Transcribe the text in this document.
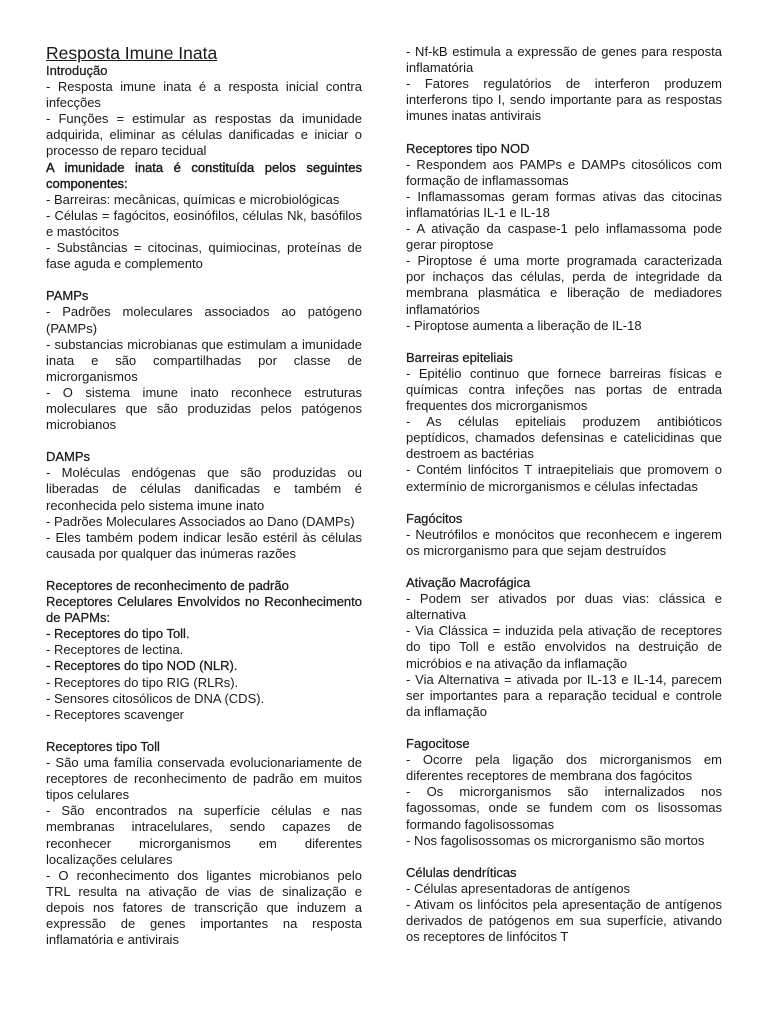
Resposta Imune Inata
Introdução

- Resposta imune inata é a resposta inicial contra infecções

- Funções = estimular as respostas da imunidade adquirida, eliminar as células danificadas e iniciar o processo de reparo tecidual

A imunidade inata é constituída pelos seguintes componentes:

- Barreiras: mecânicas, químicas e microbiológicas

- Células = fagócitos, eosinófilos, células Nk, basófilos e mastócitos

- Substâncias = citocinas, quimiocinas, proteínas de fase aguda e complemento

PAMPs

- Padrões moleculares associados ao patógeno (PAMPs)

- substancias microbianas que estimulam a imunidade inata e são compartilhadas por classe de microrganismos

- O sistema imune inato reconhece estruturas moleculares que são produzidas pelos patógenos microbianos

DAMPs

- Moléculas endógenas que são produzidas ou liberadas de células danificadas e também é reconhecida pelo sistema imune inato

- Padrões Moleculares Associados ao Dano (DAMPs)

- Eles também podem indicar lesão estéril às células causada por qualquer das inúmeras razões

Receptores de reconhecimento de padrão
Receptores Celulares Envolvidos no Reconhecimento de PAPMs:

- Receptores do tipo Toll.

- Receptores de lectina.

- Receptores do tipo NOD (NLR).

- Receptores do tipo RIG (RLRs).

- Sensores citosólicos de DNA (CDS).

- Receptores scavenger

Receptores tipo Toll

- São uma família conservada evolucionariamente de receptores de reconhecimento de padrão em muitos tipos celulares

- São encontrados na superfície células e nas membranas intracelulares, sendo capazes de reconhecer microrganismos em diferentes localizações celulares

- O reconhecimento dos ligantes microbianos pelo TRL resulta na ativação de vias de sinalização e depois nos fatores de transcrição que induzem a expressão de genes importantes na resposta inflamatória e antivirais

- Nf-kB estimula a expressão de genes para resposta inflamatória

- Fatores regulatórios de interferon produzem interferons tipo I, sendo importante para as respostas imunes inatas antivirais

Receptores tipo NOD

- Respondem aos PAMPs e DAMPs citosólicos com formação de inflamassomas

- Inflamassomas geram formas ativas das citocinas inflamatórias IL-1 e IL-18

- A ativação da caspase-1 pelo inflamassoma pode gerar piroptose

- Piroptose é uma morte programada caracterizada por inchaços das células, perda de integridade da membrana plasmática e liberação de mediadores inflamatórios

- Piroptose aumenta a liberação de IL-18

Barreiras epiteliais

- Epitélio continuo que fornece barreiras físicas e químicas contra infeções nas portas de entrada frequentes dos microrganismos

- As células epiteliais produzem antibióticos peptídicos, chamados defensinas e catelicidinas que destroem as bactérias

- Contém linfócitos T intraepiteliais que promovem o extermínio de microrganismos e células infectadas

Fagócitos

- Neutrófilos e monócitos que reconhecem e ingerem os microrganismo para que sejam destruídos

Ativação Macrofágica

- Podem ser ativados por duas vias: clássica e alternativa

- Via Clássica = induzida pela ativação de receptores do tipo Toll e estão envolvidos na destruição de micróbios e na ativação da inflamação

- Via Alternativa = ativada por IL-13 e IL-14, parecem ser importantes para a reparação tecidual e controle da inflamação

Fagocitose

- Ocorre pela ligação dos microrganismos em diferentes receptores de membrana dos fagócitos

- Os microrganismos são internalizados nos fagossomas, onde se fundem com os lisossomas formando fagolisossomas

- Nos fagolisossomas os microrganismo são mortos

Células dendríticas

- Células apresentadoras de antígenos

- Ativam os linfócitos pela apresentação de antígenos derivados de patógenos em sua superfície, ativando os receptores de linfócitos T
